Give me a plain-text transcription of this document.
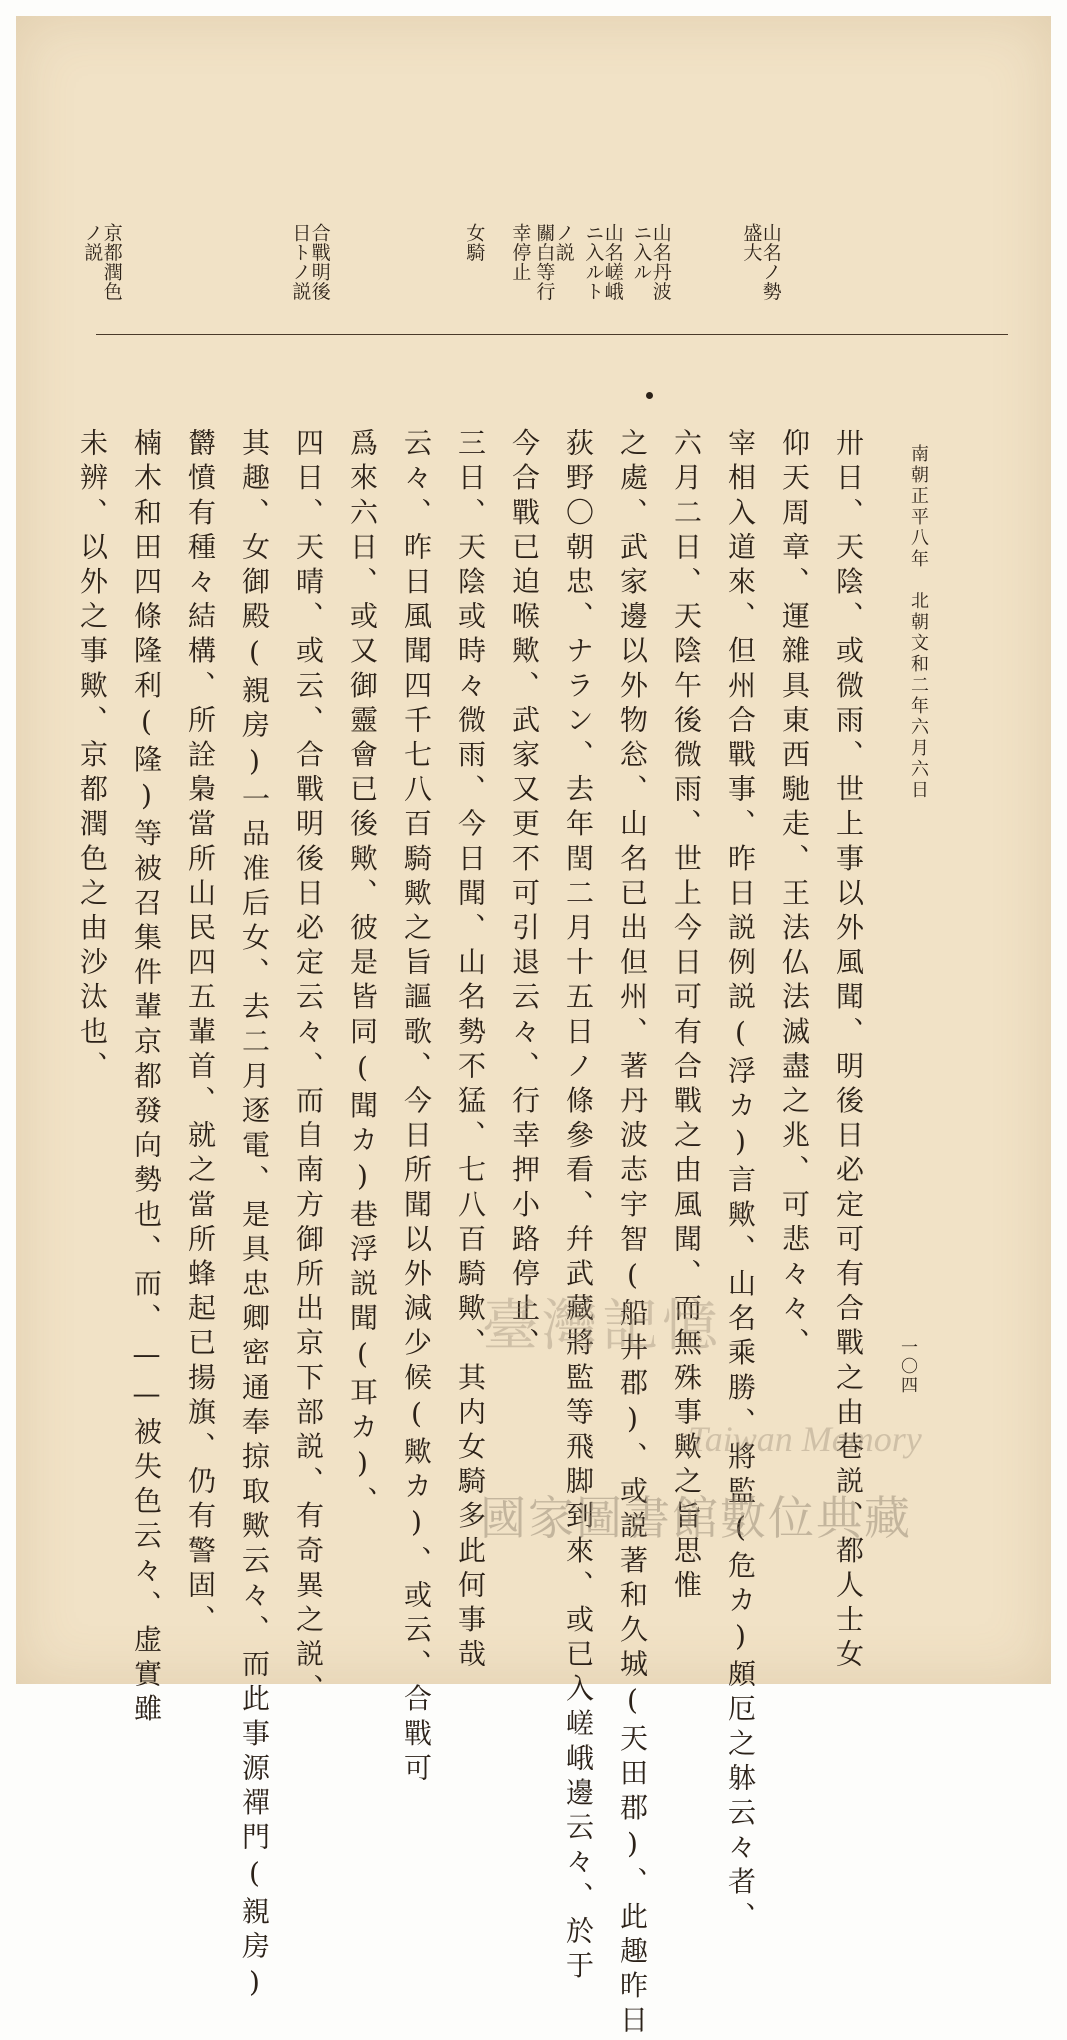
南朝正平八年　北朝文和二年六月六日
一〇四
山名ノ勢
盛大
山名丹波
ニ入ル
山名嵯峨
ニ入ルト
ノ説
關白等行
幸停止
女騎
合戰明後
日トノ説
京都潤色
ノ説
卅日、天陰、或微雨、世上事以外風聞、明後日必定可有合戰之由巷説、都人士女
仰天周章、運雜具東西馳走、王法仏法滅盡之兆、可悲々々、
宰相入道來、但州合戰事、昨日説例説(浮カ)言歟、山名乘勝、將監(危カ)頗厄之躰云々者、
六月二日、天陰午後微雨、世上今日可有合戰之由風聞、而無殊事歟之旨思惟
之處、武家邊以外物忩、山名已出但州、著丹波志宇智(船井郡)、或説著和久城(天田郡)、此趣昨日
荻野〇朝忠、ナラン、去年閏二月十五日ノ條參看、幷武藏將監等飛脚到來、或已入嵯峨邊云々、於于
今合戰已迫喉歟、武家又更不可引退云々、行幸押小路停止、
三日、天陰或時々微雨、今日聞、山名勢不猛、七八百騎歟、其内女騎多此何事哉
云々、昨日風聞四千七八百騎歟之旨謳歌、今日所聞以外減少候(歟カ)、或云、合戰可
爲來六日、或又御靈會已後歟、彼是皆同(聞カ)巷浮説聞(耳カ)、
四日、天晴、或云、合戰明後日必定云々、而自南方御所出京下部説、有奇異之説、
其趣、女御殿(親房)一品准后女、去二月逐電、是具忠卿密通奉掠取歟云々、而此事源禪門(親房)
欝憤有種々結構、所詮梟當所山民四五輩首、就之當所蜂起已揚旗、仍有警固、
楠木和田四條隆利(隆)等被召集件輩京都發向勢也、而、——被失色云々、虚實雖
未辨、以外之事歟、京都潤色之由沙汰也、
臺灣記憶
Taiwan Memory
國家圖書館數位典藏
